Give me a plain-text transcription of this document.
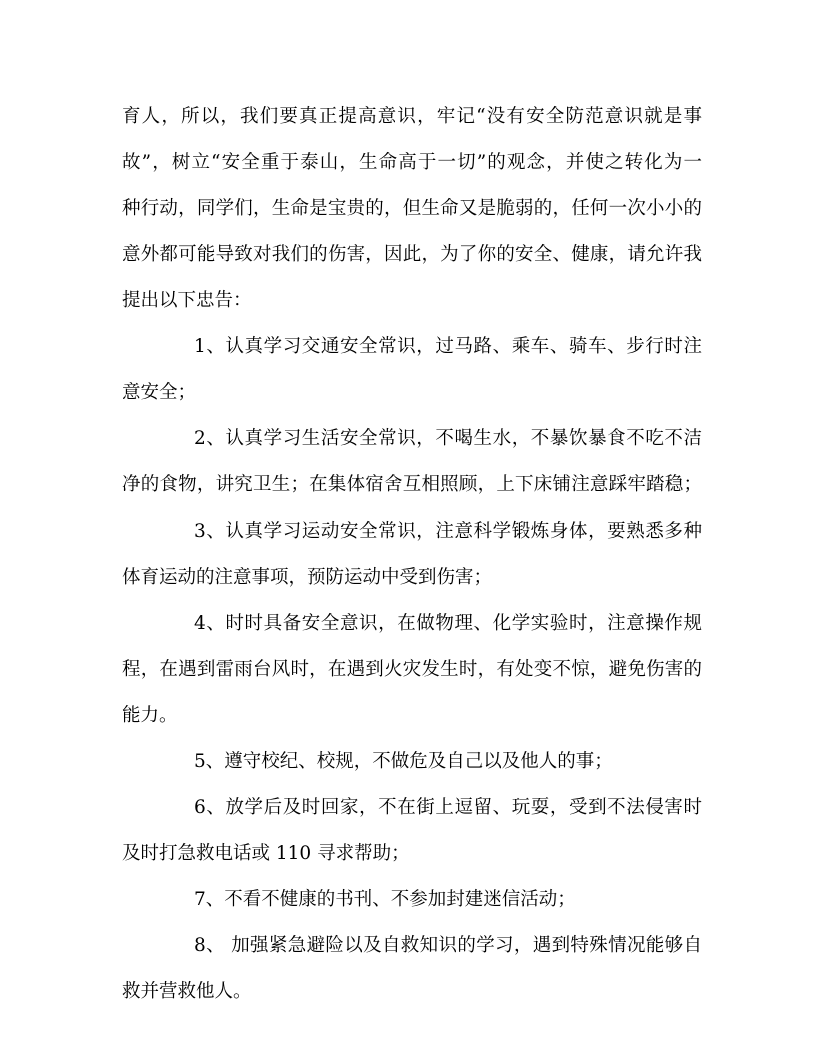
育人，所以，我们要真正提高意识，牢记“没有安全防范意识就是事
故”，树立“安全重于泰山，生命高于一切”的观念，并使之转化为一
种行动，同学们，生命是宝贵的，但生命又是脆弱的，任何一次小小的
意外都可能导致对我们的伤害，因此，为了你的安全、健康，请允许我
提出以下忠告：
1、认真学习交通安全常识，过马路、乘车、骑车、步行时注
意安全；
2、认真学习生活安全常识，不喝生水，不暴饮暴食不吃不洁
净的食物，讲究卫生；在集体宿舍互相照顾，上下床铺注意踩牢踏稳；
3、认真学习运动安全常识，注意科学锻炼身体，要熟悉多种
体育运动的注意事项，预防运动中受到伤害；
4、时时具备安全意识，在做物理、化学实验时，注意操作规
程，在遇到雷雨台风时，在遇到火灾发生时，有处变不惊，避免伤害的
能力。
5、遵守校纪、校规，不做危及自己以及他人的事；
6、放学后及时回家，不在街上逗留、玩耍，受到不法侵害时
及时打急救电话或 110 寻求帮助；
7、不看不健康的书刊、不参加封建迷信活动；
8、 加强紧急避险以及自救知识的学习，遇到特殊情况能够自
救并营救他人。
